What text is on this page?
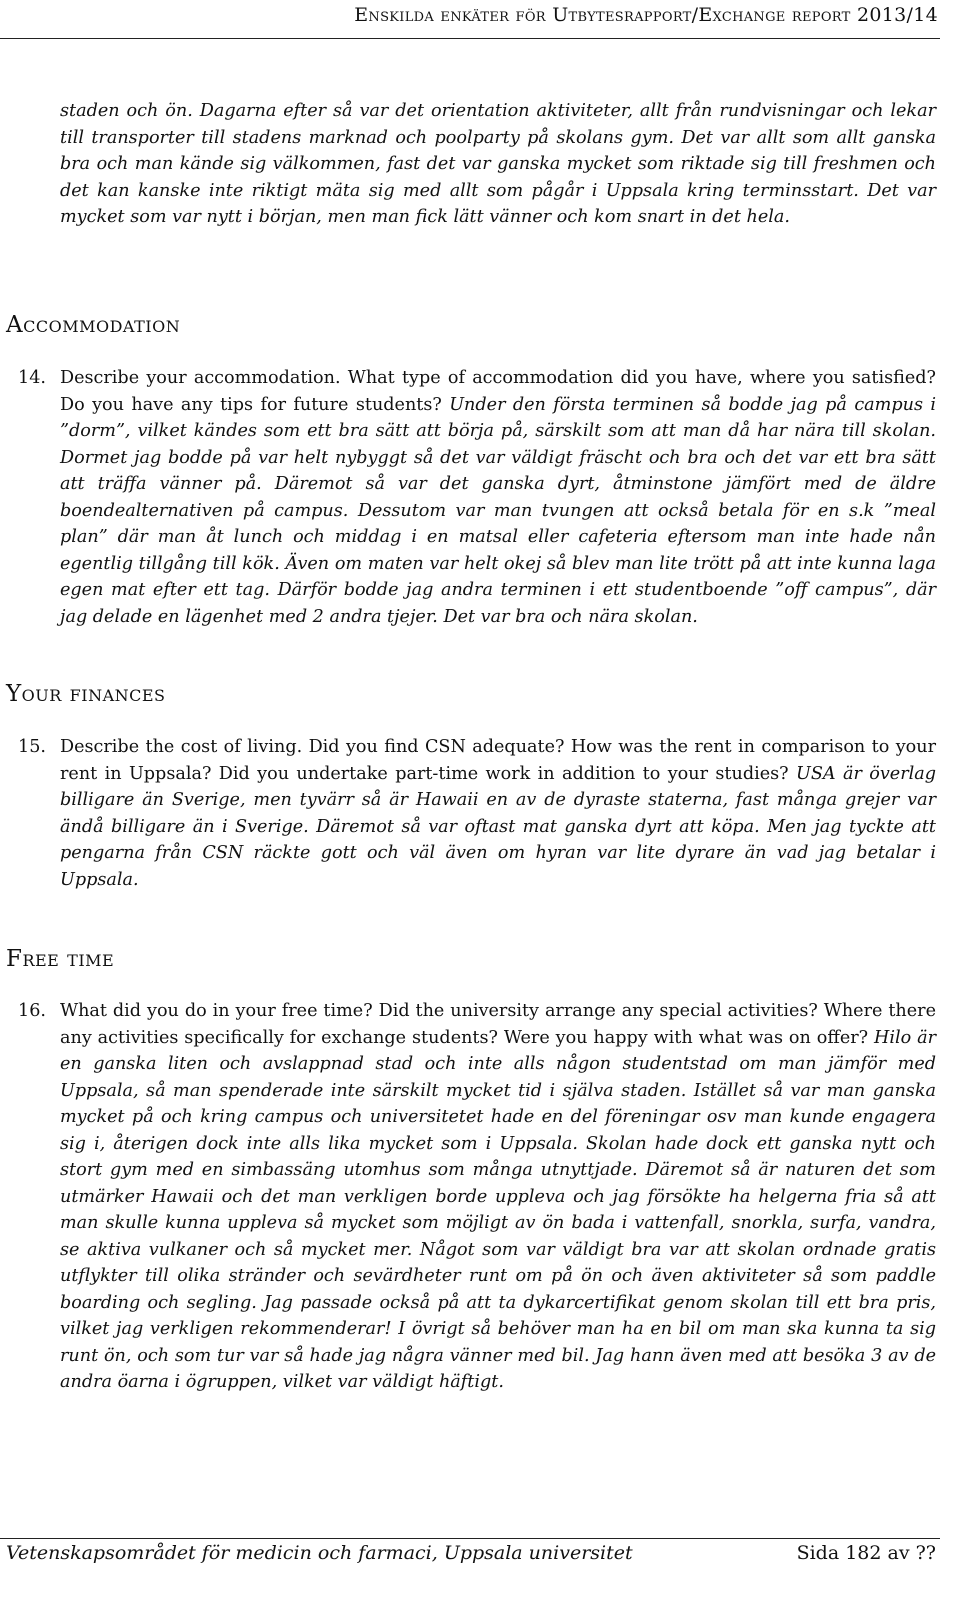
Enskilda enkäter för Utbytesrapport/Exchange report 2013/14
staden och ön. Dagarna efter så var det orientation aktiviteter, allt från rundvisningar och lekar till transporter till stadens marknad och poolparty på skolans gym. Det var allt som allt ganska bra och man kände sig välkommen, fast det var ganska mycket som riktade sig till freshmen och det kan kanske inte riktigt mäta sig med allt som pågår i Uppsala kring terminsstart. Det var mycket som var nytt i början, men man fick lätt vänner och kom snart in det hela.
Accommodation
14. Describe your accommodation. What type of accommodation did you have, where you satisfied? Do you have any tips for future students? Under den första terminen så bodde jag på campus i ”dorm”, vilket kändes som ett bra sätt att börja på, särskilt som att man då har nära till skolan. Dormet jag bodde på var helt nybyggt så det var väldigt fräscht och bra och det var ett bra sätt att träffa vänner på. Däremot så var det ganska dyrt, åtminstone jämfört med de äldre boendealternativen på campus. Dessutom var man tvungen att också betala för en s.k ”meal plan” där man åt lunch och middag i en matsal eller cafeteria eftersom man inte hade nån egentlig tillgång till kök. Även om maten var helt okej så blev man lite trött på att inte kunna laga egen mat efter ett tag. Därför bodde jag andra terminen i ett studentboende ”off campus”, där jag delade en lägenhet med 2 andra tjejer. Det var bra och nära skolan.
Your finances
15. Describe the cost of living. Did you find CSN adequate? How was the rent in comparison to your rent in Uppsala? Did you undertake part-time work in addition to your studies? USA är överlag billigare än Sverige, men tyvärr så är Hawaii en av de dyraste staterna, fast många grejer var ändå billigare än i Sverige. Däremot så var oftast mat ganska dyrt att köpa. Men jag tyckte att pengarna från CSN räckte gott och väl även om hyran var lite dyrare än vad jag betalar i Uppsala.
Free time
16. What did you do in your free time? Did the university arrange any special activities? Where there any activities specifically for exchange students? Were you happy with what was on offer? Hilo är en ganska liten och avslappnad stad och inte alls någon studentstad om man jämför med Uppsala, så man spenderade inte särskilt mycket tid i själva staden. Istället så var man ganska mycket på och kring campus och universitetet hade en del föreningar osv man kunde engagera sig i, återigen dock inte alls lika mycket som i Uppsala. Skolan hade dock ett ganska nytt och stort gym med en simbassäng utomhus som många utnyttjade. Däremot så är naturen det som utmärker Hawaii och det man verkligen borde uppleva och jag försökte ha helgerna fria så att man skulle kunna uppleva så mycket som möjligt av ön bada i vattenfall, snorkla, surfa, vandra, se aktiva vulkaner och så mycket mer. Något som var väldigt bra var att skolan ordnade gratis utflykter till olika stränder och sevärdheter runt om på ön och även aktiviteter så som paddle boarding och segling. Jag passade också på att ta dykarcertifikat genom skolan till ett bra pris, vilket jag verkligen rekommenderar! I övrigt så behöver man ha en bil om man ska kunna ta sig runt ön, och som tur var så hade jag några vänner med bil. Jag hann även med att besöka 3 av de andra öarna i ögruppen, vilket var väldigt häftigt.
Vetenskapsområdet för medicin och farmaci, Uppsala universitet	Sida 182 av ??
